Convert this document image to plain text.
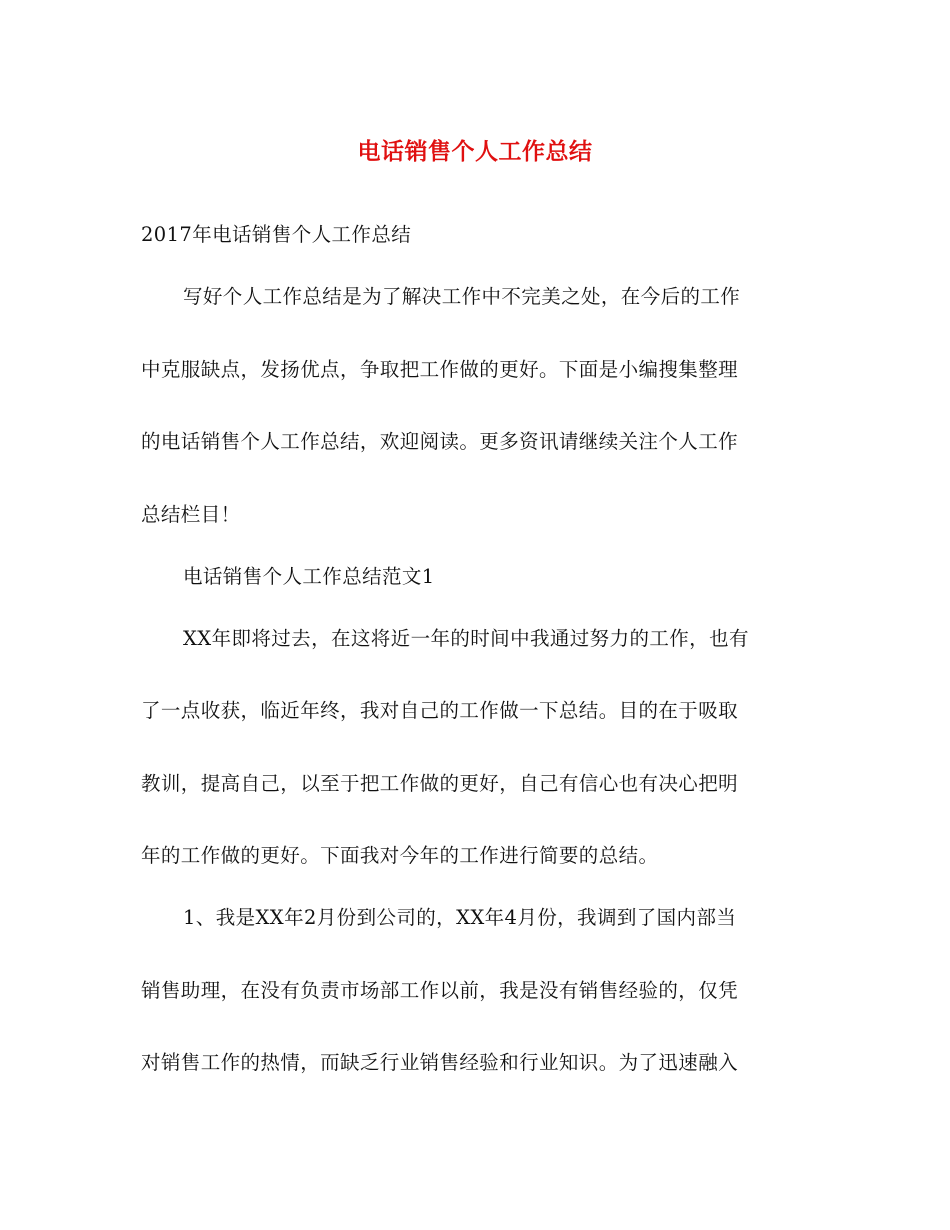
电话销售个人工作总结
2017年电话销售个人工作总结
写好个人工作总结是为了解决工作中不完美之处，在今后的工作
中克服缺点，发扬优点，争取把工作做的更好。下面是小编搜集整理
的电话销售个人工作总结，欢迎阅读。更多资讯请继续关注个人工作
总结栏目！
电话销售个人工作总结范文1
XX年即将过去，在这将近一年的时间中我通过努力的工作，也有
了一点收获，临近年终，我对自己的工作做一下总结。目的在于吸取
教训，提高自己，以至于把工作做的更好，自己有信心也有决心把明
年的工作做的更好。下面我对今年的工作进行简要的总结。
1、我是XX年2月份到公司的，XX年4月份，我调到了国内部当
销售助理，在没有负责市场部工作以前，我是没有销售经验的，仅凭
对销售工作的热情，而缺乏行业销售经验和行业知识。为了迅速融入
